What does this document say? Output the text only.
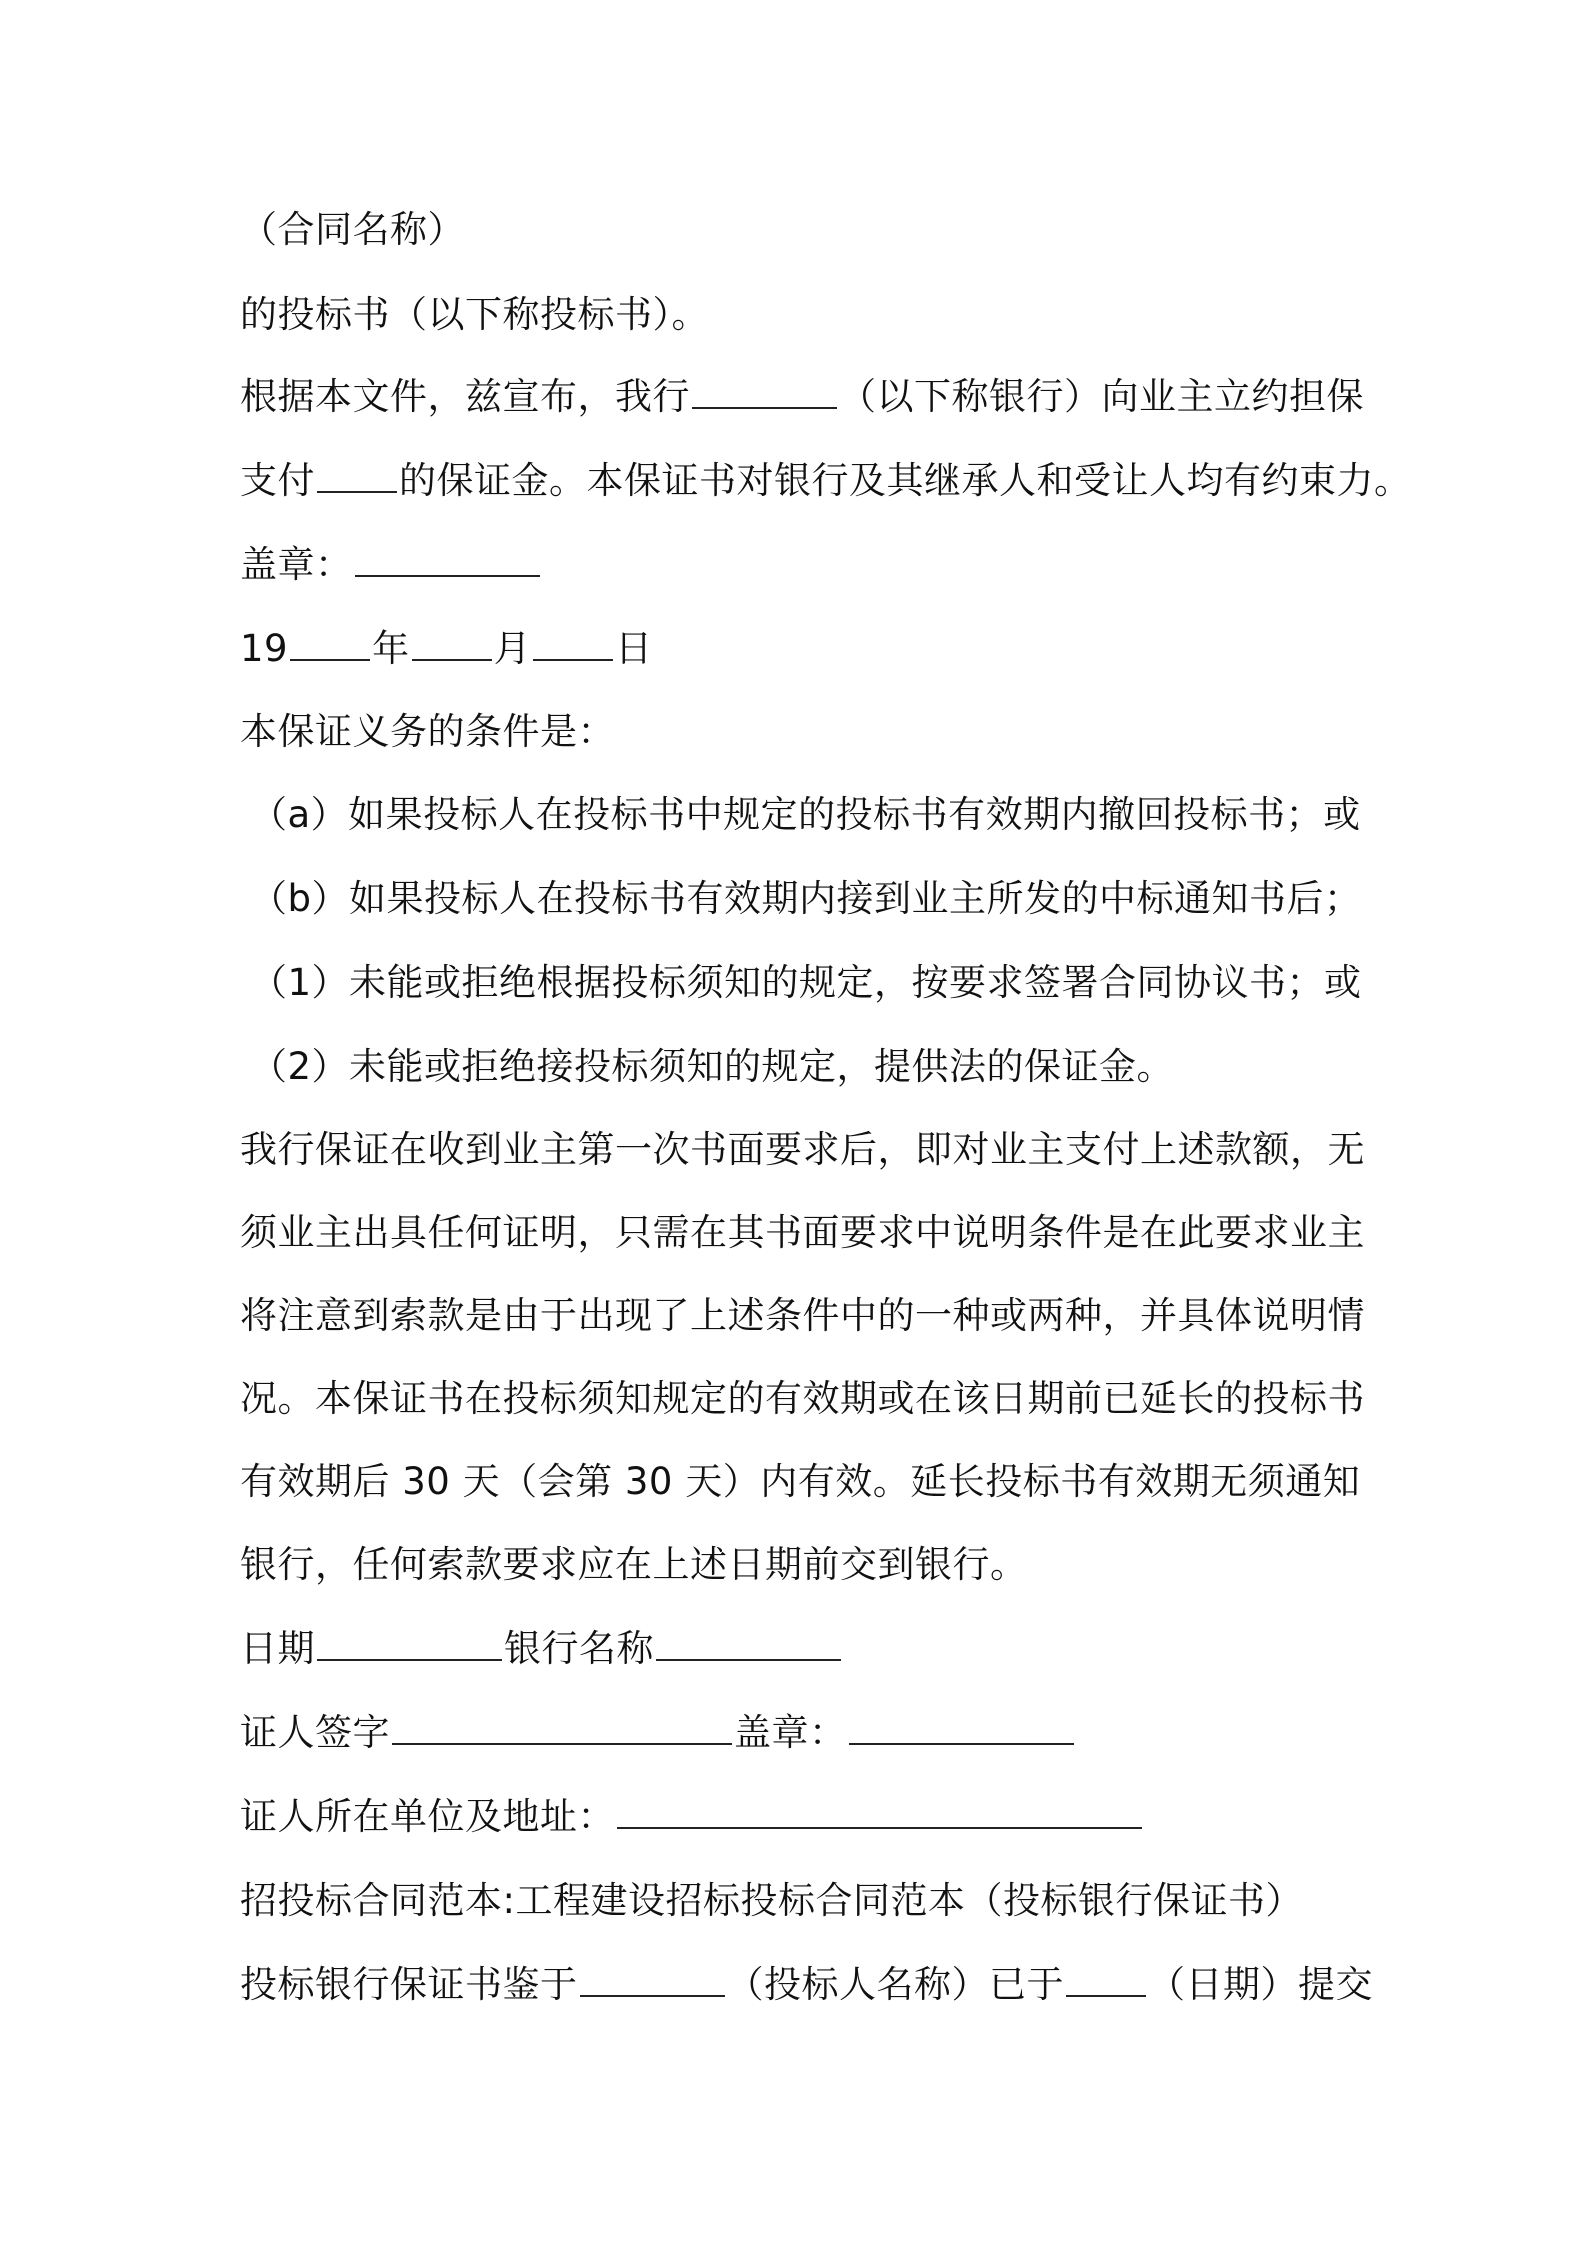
（合同名称）
的投标书（以下称投标书）。
根据本文件，兹宣布，我行	（以下称银行）向业主立约担保
支付 的保证金。本保证书对银行及其继承人和受让人均有约束力。
盖章：
19 年 月 日
本保证义务的条件是：
（a）如果投标人在投标书中规定的投标书有效期内撤回投标书；或
（b）如果投标人在投标书有效期内接到业主所发的中标通知书后；
（1）未能或拒绝根据投标须知的规定，按要求签署合同协议书；或
（2）未能或拒绝接投标须知的规定，提供法的保证金。
我行保证在收到业主第一次书面要求后，即对业主支付上述款额，无
须业主出具任何证明，只需在其书面要求中说明条件是在此要求业主
将注意到索款是由于出现了上述条件中的一种或两种，并具体说明情
况。本保证书在投标须知规定的有效期或在该日期前已延长的投标书
有效期后 30 天（会第 30 天）内有效。延长投标书有效期无须通知
银行，任何索款要求应在上述日期前交到银行。
日期	银行名称
证人签字	盖章：
证人所在单位及地址：
招投标合同范本:工程建设招标投标合同范本（投标银行保证书）
投标银行保证书鉴于	（投标人名称）已于 （日期）提交
